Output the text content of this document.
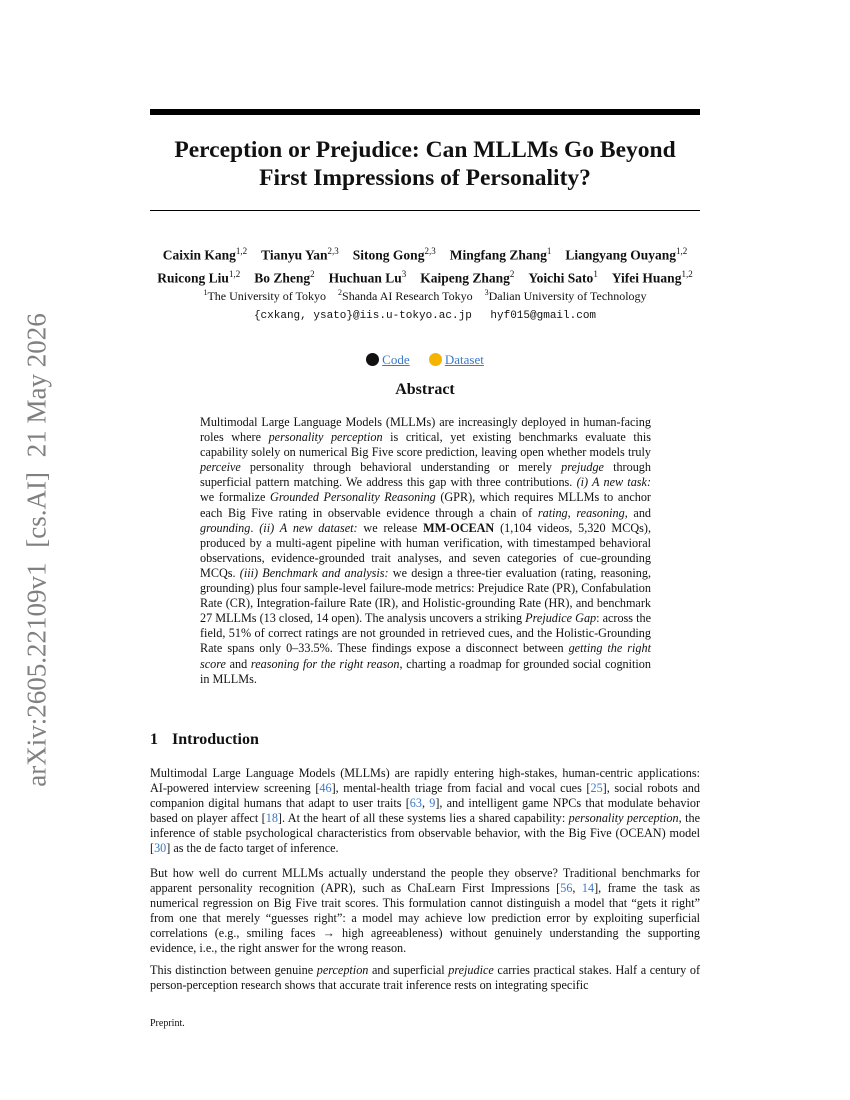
arXiv:2605.22109v1 [cs.AI] 21 May 2026
Perception or Prejudice: Can MLLMs Go Beyond
First Impressions of Personality?
Caixin Kang$^{1,2}$ Tianyu Yan$^{2,3}$ Sitong Gong$^{2,3}$ Mingfang Zhang$^1$ Liangyang Ouyang$^{1,2}$
Ruicong Liu$^{1,2}$ Bo Zheng$^2$ Huchuan Lu$^3$ Kaipeng Zhang$^2$ Yoichi Sato$^1$ Yifei Huang$^{1,2}$
$^1$The University of Tokyo $^2$Shanda AI Research Tokyo $^3$Dalian University of Technology
{cxkang, ysato}@iis.u-tokyo.ac.jp hyf015@gmail.com
Code	Dataset
Abstract

Multimodal Large Language Models (MLLMs) are increasingly deployed in human-facing roles where personality perception is critical, yet existing benchmarks evaluate this capability solely on numerical Big Five score prediction, leaving open whether models truly perceive personality through behavioral understanding or merely prejudge through superficial pattern matching. We address this gap with three contributions. (i) A new task: we formalize Grounded Personality Reasoning (GPR), which requires MLLMs to anchor each Big Five rating in observable evidence through a chain of rating, reasoning, and grounding. (ii) A new dataset: we release MM-OCEAN (1,104 videos, 5,320 MCQs), produced by a multi-agent pipeline with human verification, with timestamped behavioral observations, evidence-grounded trait analyses, and seven categories of cue-grounding MCQs. (iii) Benchmark and analysis: we design a three-tier evaluation (rating, reasoning, grounding) plus four sample-level failure-mode metrics: Prejudice Rate (PR), Confabulation Rate (CR), Integration-failure Rate (IR), and Holistic-grounding Rate (HR), and benchmark 27 MLLMs (13 closed, 14 open). The analysis uncovers a striking Prejudice Gap: across the field, 51% of correct ratings are not grounded in retrieved cues, and the Holistic-Grounding Rate spans only 0–33.5%. These findings expose a disconnect between getting the right score and reasoning for the right reason, charting a roadmap for grounded social cognition in MLLMs.

1 Introduction

Multimodal Large Language Models (MLLMs) are rapidly entering high-stakes, human-centric applications: AI-powered interview screening [46], mental-health triage from facial and vocal cues [25], social robots and companion digital humans that adapt to user traits [63, 9], and intelligent game NPCs that modulate behavior based on player affect [18]. At the heart of all these systems lies a shared capability: personality perception, the inference of stable psychological characteristics from observable behavior, with the Big Five (OCEAN) model [30] as the de facto target of inference.

But how well do current MLLMs actually understand the people they observe? Traditional benchmarks for apparent personality recognition (APR), such as ChaLearn First Impressions [56, 14], frame the task as numerical regression on Big Five trait scores. This formulation cannot distinguish a model that “gets it right” from one that merely “guesses right”: a model may achieve low prediction error by exploiting superficial correlations (e.g., smiling faces → high agreeableness) without genuinely understanding the supporting evidence, i.e., the right answer for the wrong reason.

This distinction between genuine perception and superficial prejudice carries practical stakes. Half a century of person-perception research shows that accurate trait inference rests on integrating specific

Preprint.
